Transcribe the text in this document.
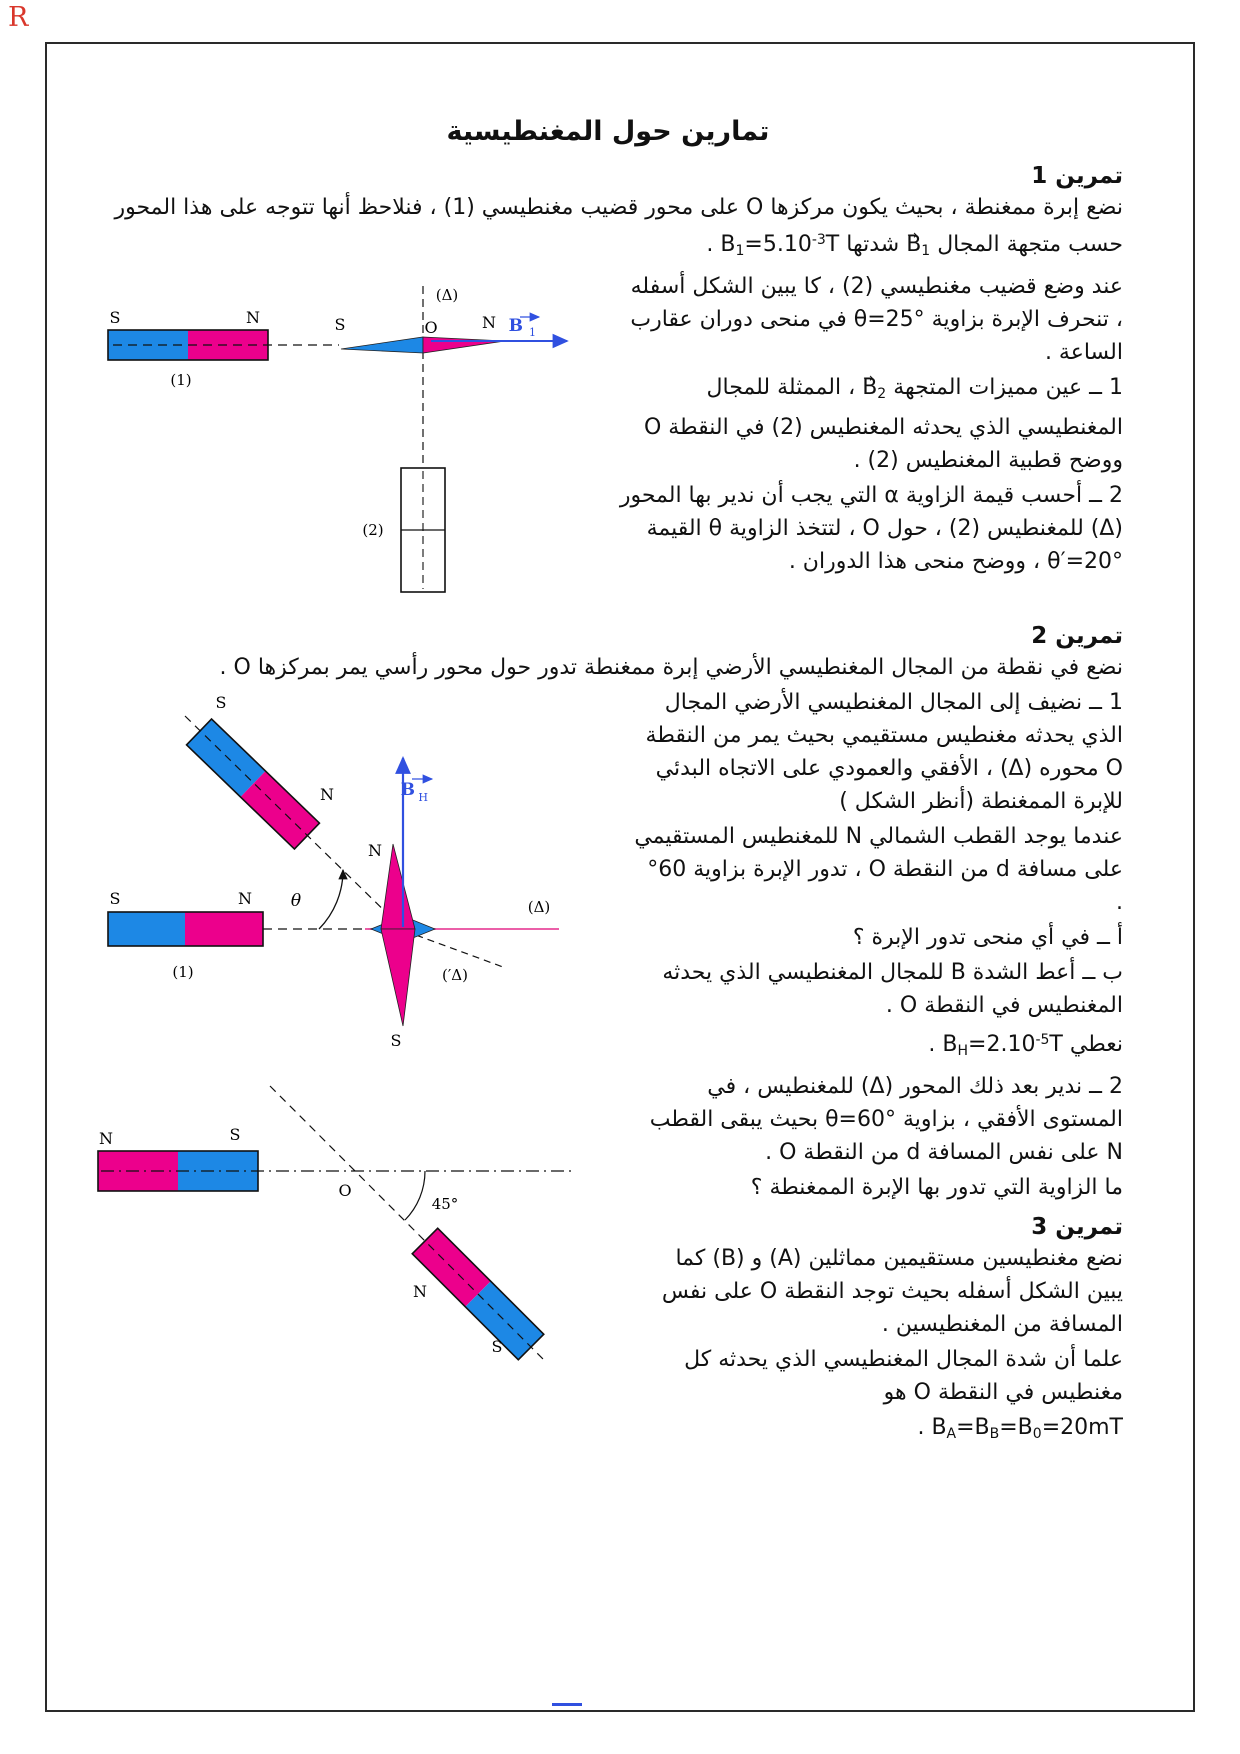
R
تمارين حول المغنطيسية
تمرين 1

نضع إبرة ممغنطة ، بحيث يكون مركزها O على محور قضيب مغنطيسي (1) ، فنلاحظ أنها تتوجه على هذا المحور حسب متجهة المجال B →1 شدتها $B1=5.10^{-3}T$ .

(Δ)
S	N
(1)
S	N
O	B 1
(2)

عند وضع قضيب مغنطيسي (2) ، كا يبين الشكل أسفله ، تنحرف الإبرة بزاوية θ=25° في منحى دوران عقارب الساعة .

1 ــ عين مميزات المتجهة B →2 ، الممثلة للمجال المغنطيسي الذي يحدثه المغنطيس (2) في النقطة O ووضح قطبية المغنطيس (2) .

2 ــ أحسب قيمة الزاوية α التي يجب أن ندير بها المحور (Δ) للمغنطيس (2) ، حول O ، لتتخذ الزاوية θ القيمة θ′=20° ، ووضح منحى هذا الدوران .

تمرين 2

نضع في نقطة من المجال المغنطيسي الأرضي إبرة ممغنطة تدور حول محور رأسي يمر بمركزها O .

(Δ)
(Δ′)
S
N
θ
N
S
B H
S	N
(1)

1 ــ نضيف إلى المجال المغنطيسي الأرضي المجال الذي يحدثه مغنطيس مستقيمي بحيث يمر من النقطة O محوره (Δ) ، الأفقي والعمودي على الاتجاه البدئي للإبرة الممغنطة (أنظر الشكل )

عندما يوجد القطب الشمالي N للمغنطيس المستقيمي على مسافة d من النقطة O ، تدور الإبرة بزاوية 60° .

أ ــ في أي منحى تدور الإبرة ؟

ب ــ أعط الشدة B للمجال المغنطيسي الذي يحدثه المغنطيس في النقطة O .

نعطي $BH=2.10^{-5}T$ .

N	S
N
S
45°
O

2 ــ ندير بعد ذلك المحور (Δ) للمغنطيس ، في المستوى الأفقي ، بزاوية θ=60° بحيث يبقى القطب N على نفس المسافة d من النقطة O .

ما الزاوية التي تدور بها الإبرة الممغنطة ؟

تمرين 3

نضع مغنطيسين مستقيمين مماثلين (A) و (B) كما يبين الشكل أسفله بحيث توجد النقطة O على نفس المسافة من المغنطيسين .

علما أن شدة المجال المغنطيسي الذي يحدثه كل مغنطيس في النقطة O هو

BA=BB=B0=20mT .
